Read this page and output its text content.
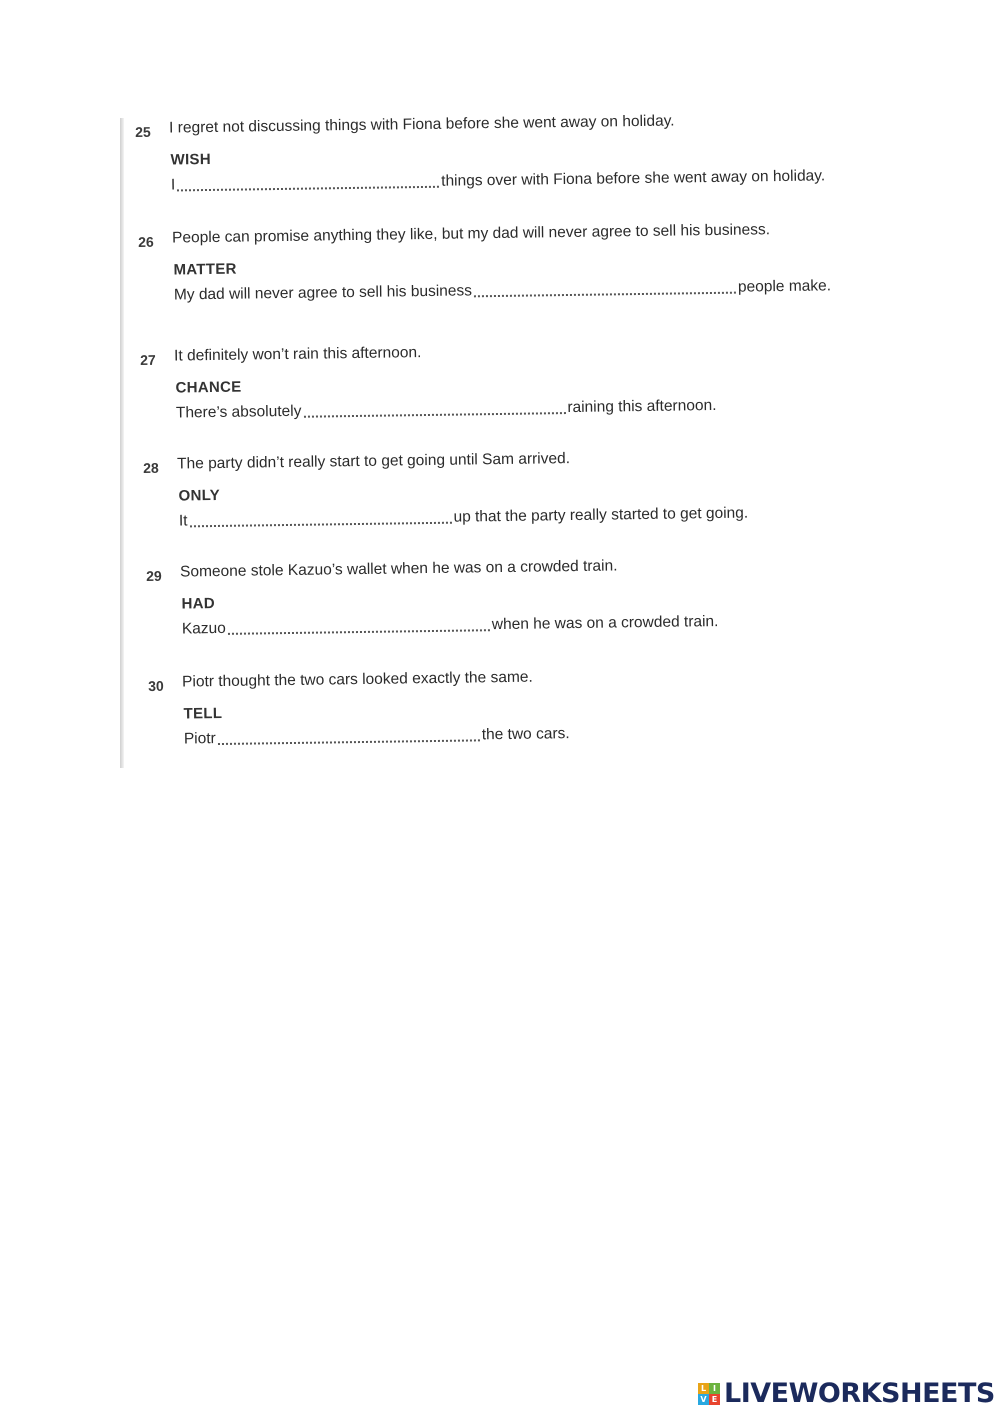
25	I regret not discussing things with Fiona before she went away on holiday.
WISH
I	things over with Fiona before she went away on holiday.
26	People can promise anything they like, but my dad will never agree to sell his business.
MATTER
My dad will never agree to sell his business	people make.
27	It definitely won’t rain this afternoon.
CHANCE
There’s absolutely	raining this afternoon.
28	The party didn’t really start to get going until Sam arrived.
ONLY
It	up that the party really started to get going.
29	Someone stole Kazuo’s wallet when he was on a crowded train.
HAD
Kazuo	when he was on a crowded train.
30	Piotr thought the two cars looked exactly the same.
TELL
Piotr	the two cars.
L I
V E LIVEWORKSHEETS
